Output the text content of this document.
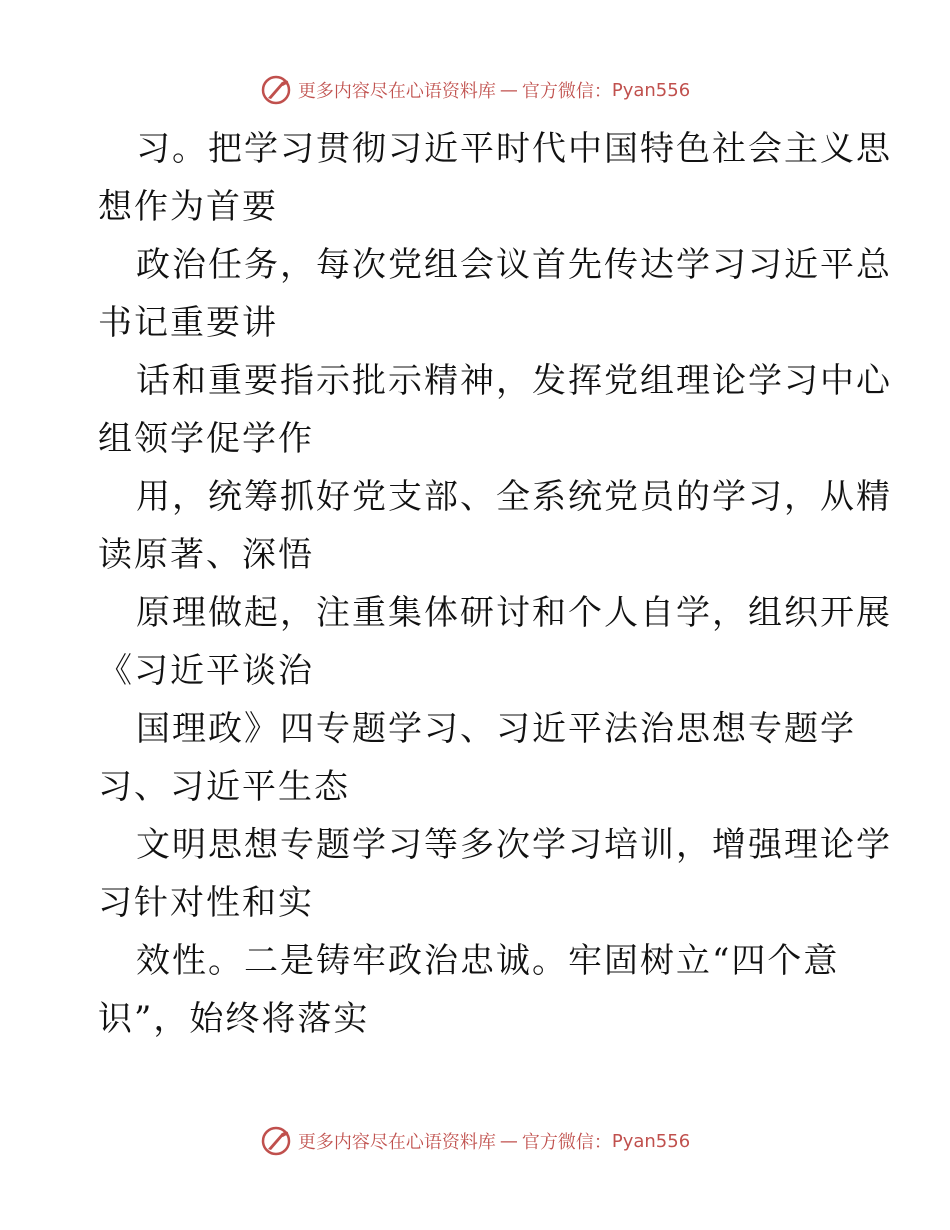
更多内容尽在心语资料库 — 官方微信： Pyan556
习。把学习贯彻习近平时代中国特色社会主义思
想作为首要
政治任务，每次党组会议首先传达学习习近平总
书记重要讲
话和重要指示批示精神，发挥党组理论学习中心
组领学促学作
用，统筹抓好党支部、全系统党员的学习，从精
读原著、深悟
原理做起，注重集体研讨和个人自学，组织开展
《习近平谈治
国理政》四专题学习、习近平法治思想专题学
习、习近平生态
文明思想专题学习等多次学习培训，增强理论学
习针对性和实
效性。二是铸牢政治忠诚。牢固树立“四个意
识”，始终将落实
更多内容尽在心语资料库 — 官方微信： Pyan556
